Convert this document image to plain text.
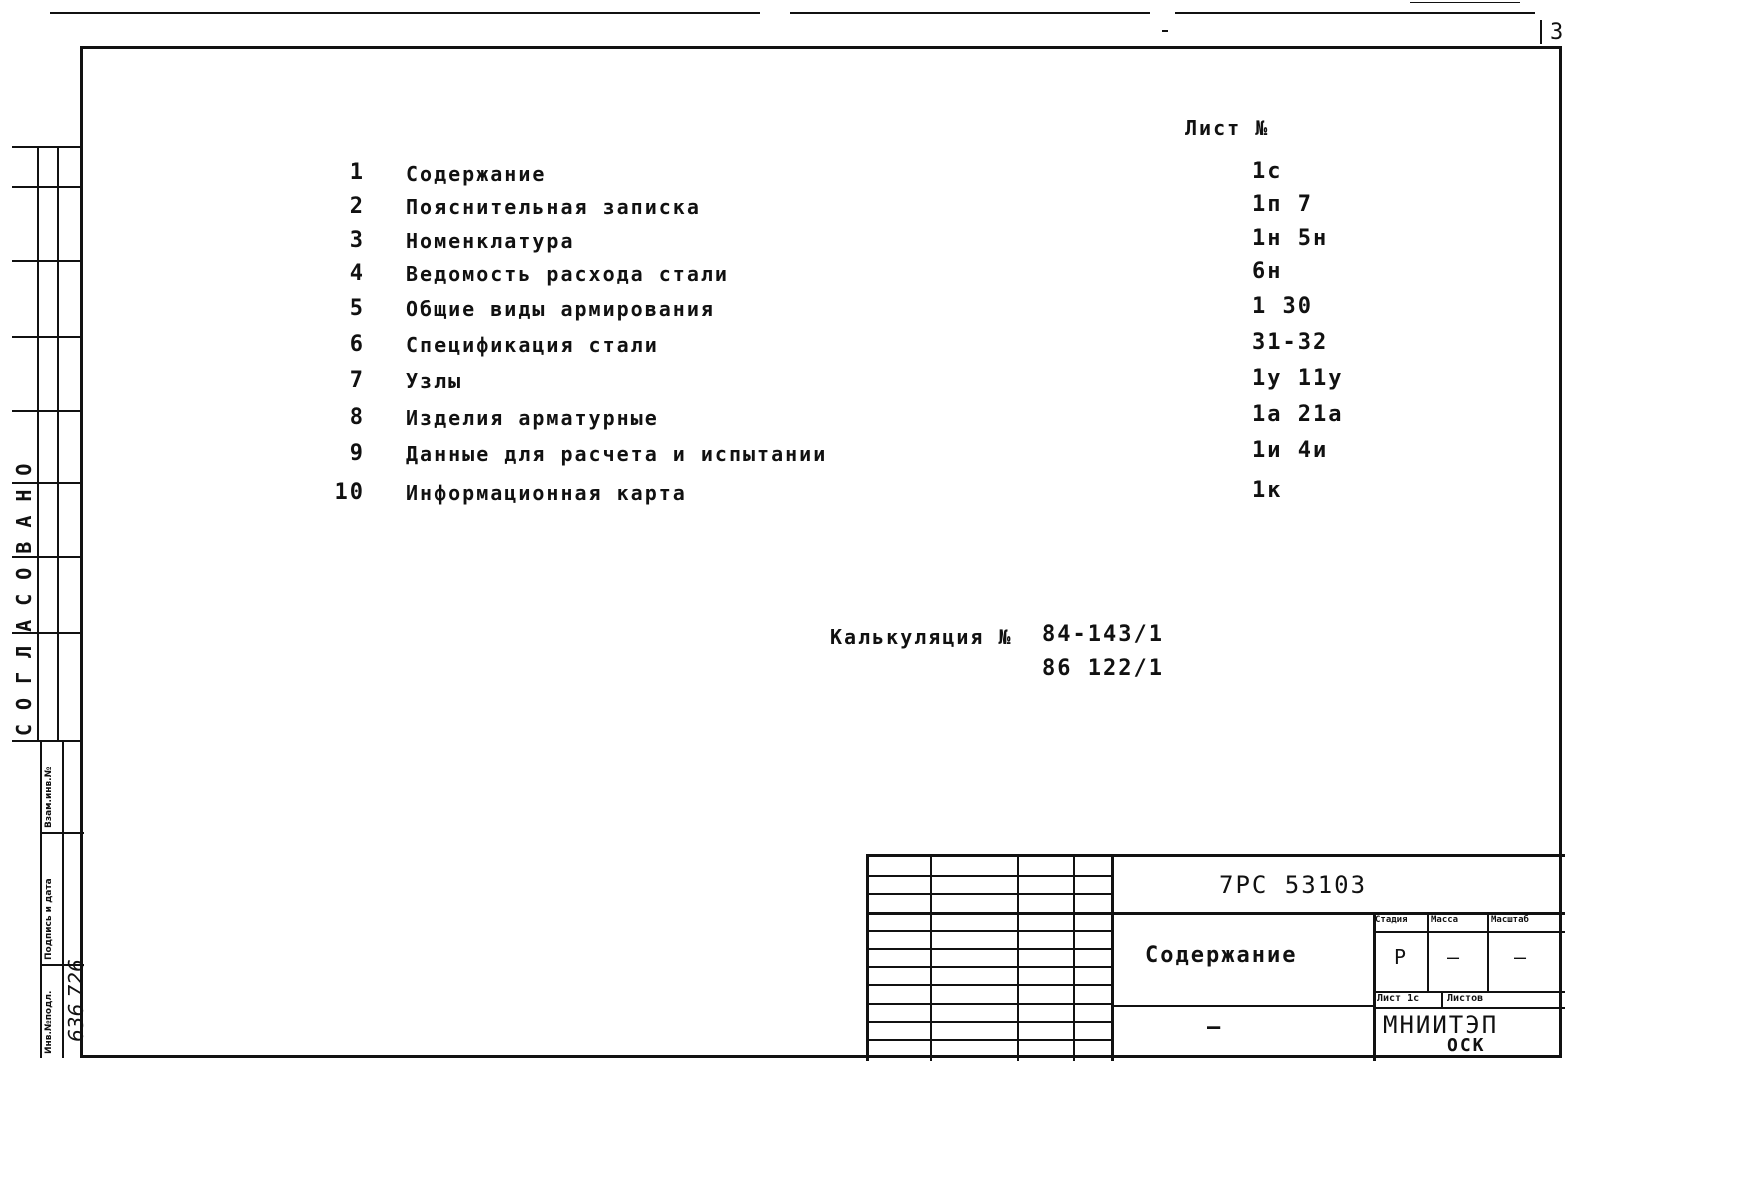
3
СОГЛАСОВАНО
Взам.инв.№
Подпись и дата
Инв.№подл. 636 726
Лист №
1 Содержание	1с
2 Пояснительная записка	1п 7
3 Номенклатура	1н 5н
4 Ведомость расхода стали	6н
5 Общие виды армирования	1 30
6 Спецификация стали	31-32
7 Узлы	1у 11у
8 Изделия арматурные	1а 21а
9 Данные для расчета и испытании	1и 4и
10 Информационная карта	1к
Калькуляция № 84-143/1
86 122/1
7РС 53103
Содержание
—
Стадия	Масса	Масштаб
Р —	—
Лист 1с	Листов
МНИИТЭП
ОСК
